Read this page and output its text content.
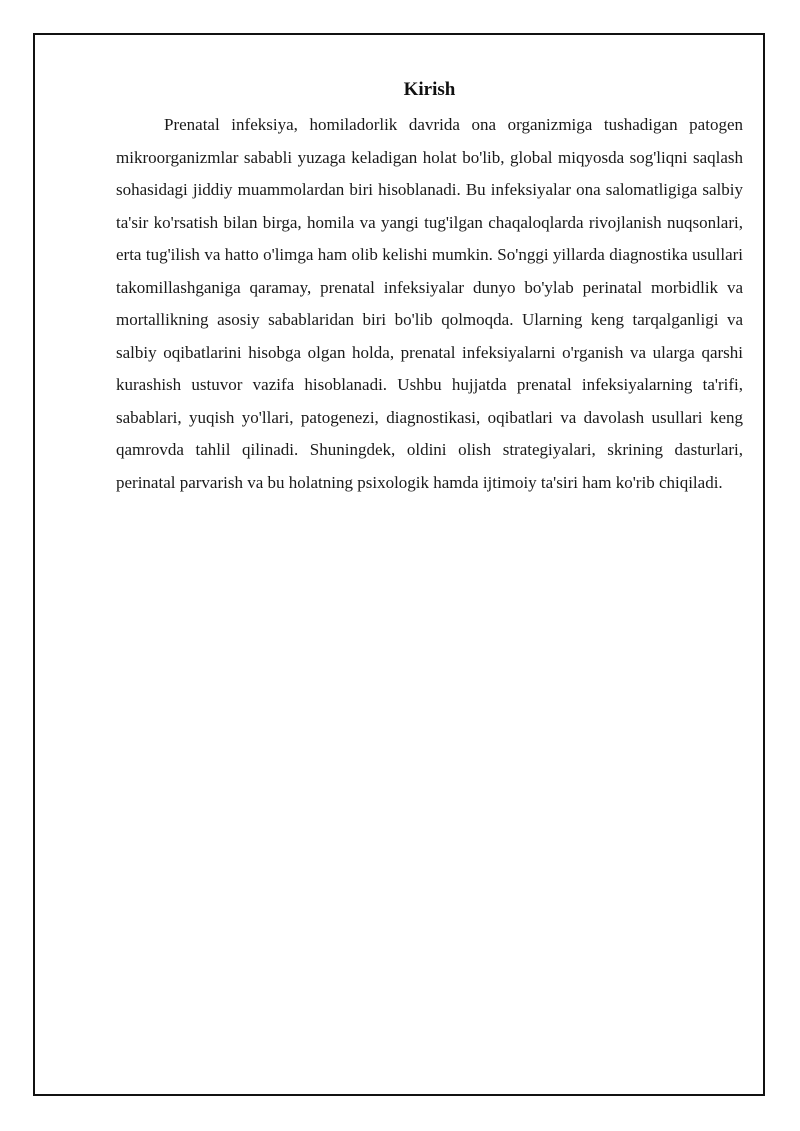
Kirish

Prenatal infeksiya, homiladorlik davrida ona organizmiga tushadigan patogen mikroorganizmlar sababli yuzaga keladigan holat bo'lib, global miqyosda sog'liqni saqlash sohasidagi jiddiy muammolardan biri hisoblanadi. Bu infeksiyalar ona salomatligiga salbiy ta'sir ko'rsatish bilan birga, homila va yangi tug'ilgan chaqaloqlarda rivojlanish nuqsonlari, erta tug'ilish va hatto o'limga ham olib kelishi mumkin. So'nggi yillarda diagnostika usullari takomillashganiga qaramay, prenatal infeksiyalar dunyo bo'ylab perinatal morbidlik va mortallikning asosiy sabablaridan biri bo'lib qolmoqda. Ularning keng tarqalganligi va salbiy oqibatlarini hisobga olgan holda, prenatal infeksiyalarni o'rganish va ularga qarshi kurashish ustuvor vazifa hisoblanadi. Ushbu hujjatda prenatal infeksiyalarning ta'rifi, sabablari, yuqish yo'llari, patogenezi, diagnostikasi, oqibatlari va davolash usullari keng qamrovda tahlil qilinadi. Shuningdek, oldini olish strategiyalari, skrining dasturlari, perinatal parvarish va bu holatning psixologik hamda ijtimoiy ta'siri ham ko'rib chiqiladi.
